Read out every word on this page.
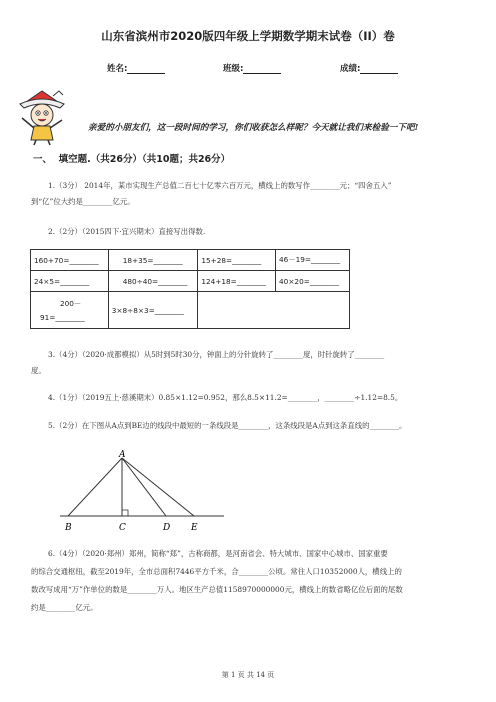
山东省滨州市2020版四年级上学期数学期末试卷（II）卷
姓名:	班级:	成绩:
亲爱的小朋友们，这一段时间的学习，你们收获怎么样呢？今天就让我们来检验一下吧!
一、 填空题.（共26分）（共10题；共26分）
1.（3分） 2014年，某市实现生产总值二百七十亿零六百万元，横线上的数写作________元；“四舍五入”
到“亿”位大约是________亿元。
2.（2分）（2015四下·宜兴期末）直接写出得数.
160+70=________	18+35=________	15+28=________	46－19=________
24×5=________	480÷40=________	124+18=________	40×20=________

200－
91=________	3×8÷8×3=________		
3.（4分）（2020·成都模拟）从5时到5时30分，钟面上的分针旋转了________度，时针旋转了________
度。
4.（1分）（2019五上·慈溪期末）0.85×1.12=0.952，那么8.5×11.2=________，________÷1.12=8.5。
5.（2分）在下图从A点到BE边的线段中最短的一条线段是________，这条线段是A点到这条直线的________。
A
B	C	D E
6.（4分）（2020·郑州）郑州，简称“郑”，古称商都，是河南省会、特大城市、国家中心城市、国家重要
的综合交通枢纽，截至2019年，全市总面积7446平方千米，合________公顷。常住人口10352000人，横线上的
数改写成用“万”作单位的数是________万人。地区生产总值1158970000000元，横线上的数省略亿位后面的尾数
约是________亿元。
第 1 页 共 14 页
